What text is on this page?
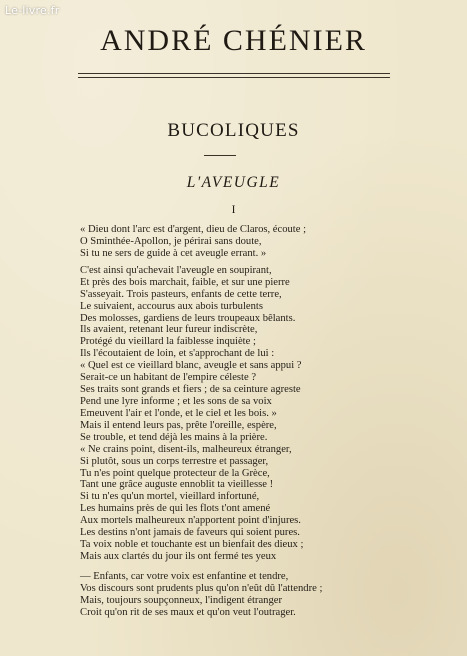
Le-livre.fr
ANDRÉ CHÉNIER
BUCOLIQUES
L'AVEUGLE
I
« Dieu dont l'arc est d'argent, dieu de Claros, écoute ;
O Sminthée-Apollon, je périrai sans doute,
Si tu ne sers de guide à cet aveugle errant. »
C'est ainsi qu'achevait l'aveugle en soupirant,
Et près des bois marchait, faible, et sur une pierre
S'asseyait. Trois pasteurs, enfants de cette terre,
Le suivaient, accourus aux abois turbulents
Des molosses, gardiens de leurs troupeaux bêlants.
Ils avaient, retenant leur fureur indiscrète,
Protégé du vieillard la faiblesse inquiète ;
Ils l'écoutaient de loin, et s'approchant de lui :
« Quel est ce vieillard blanc, aveugle et sans appui ?
Serait-ce un habitant de l'empire céleste ?
Ses traits sont grands et fiers ; de sa ceinture agreste
Pend une lyre informe ; et les sons de sa voix
Emeuvent l'air et l'onde, et le ciel et les bois. »
Mais il entend leurs pas, prête l'oreille, espère,
Se trouble, et tend déjà les mains à la prière.
« Ne crains point, disent-ils, malheureux étranger,
Si plutôt, sous un corps terrestre et passager,
Tu n'es point quelque protecteur de la Grèce,
Tant une grâce auguste ennoblit ta vieillesse !
Si tu n'es qu'un mortel, vieillard infortuné,
Les humains près de qui les flots t'ont amené
Aux mortels malheureux n'apportent point d'injures.
Les destins n'ont jamais de faveurs qui soient pures.
Ta voix noble et touchante est un bienfait des dieux ;
Mais aux clartés du jour ils ont fermé tes yeux
— Enfants, car votre voix est enfantine et tendre,
Vos discours sont prudents plus qu'on n'eût dû l'attendre ;
Mais, toujours soupçonneux, l'indigent étranger
Croit qu'on rit de ses maux et qu'on veut l'outrager.
